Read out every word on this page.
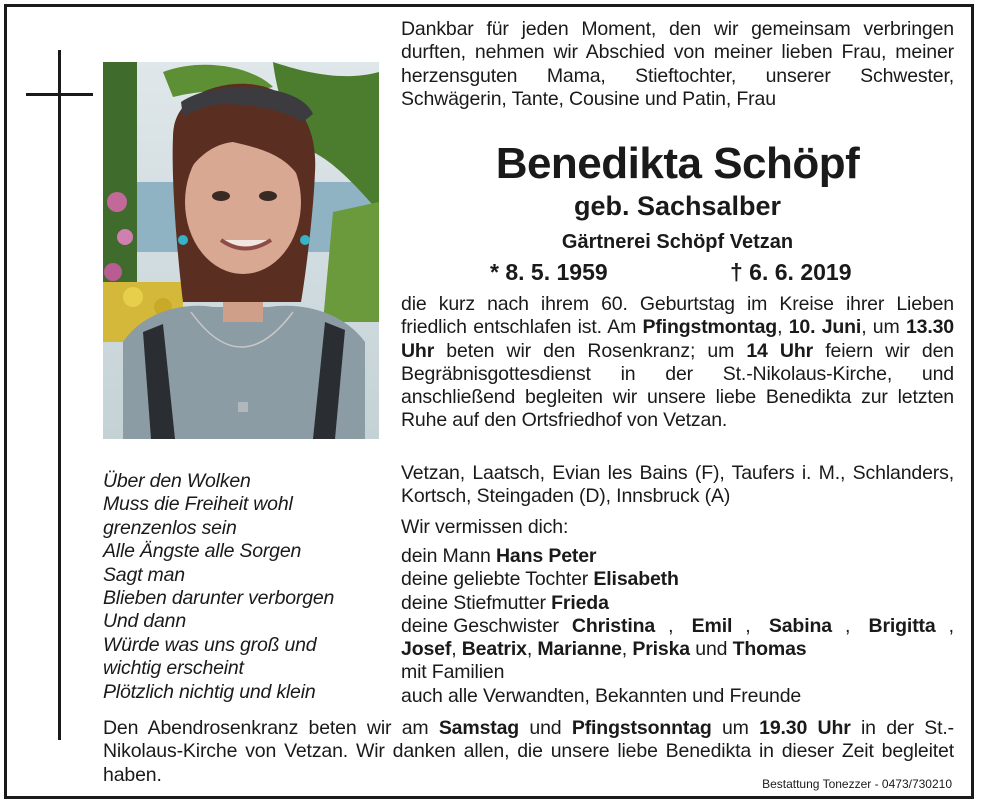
Über den Wolken
Muss die Freiheit wohl
grenzenlos sein
Alle Ängste alle Sorgen
Sagt man
Blieben darunter verborgen
Und dann
Würde was uns groß und
wichtig erscheint
Plötzlich nichtig und klein
Dankbar für jeden Moment, den wir gemeinsam verbringen durften, nehmen wir Abschied von meiner lieben Frau, meiner herzensguten Mama, Stieftochter, unserer Schwester, Schwägerin, Tante, Cousine und Patin, Frau
Benedikta Schöpf
geb. Sachsalber
Gärtnerei Schöpf Vetzan
* 8. 5. 1959	† 6. 6. 2019
die kurz nach ihrem 60. Geburtstag im Kreise ihrer Lieben friedlich entschlafen ist. Am Pfingstmontag, 10. Juni, um 13.30 Uhr beten wir den Rosenkranz; um 14 Uhr feiern wir den Begräbnisgottesdienst in der St.-Nikolaus-Kirche, und anschließend begleiten wir unsere liebe Benedikta zur letzten Ruhe auf den Ortsfriedhof von Vetzan.
Vetzan, Laatsch, Evian les Bains (F), Taufers i. M., Schlanders, Kortsch, Steingaden (D), Innsbruck (A)
Wir vermissen dich:
dein Mann Hans Peter
deine geliebte Tochter Elisabeth
deine Stiefmutter Frieda
deine Geschwister Christina , Emil , Sabina , Brigitta ,
Josef, Beatrix, Marianne, Priska und Thomas
mit Familien
auch alle Verwandten, Bekannten und Freunde
Den Abendrosenkranz beten wir am Samstag und Pfingstsonntag um 19.30 Uhr in der St.-Nikolaus-Kirche von Vetzan. Wir danken allen, die unsere liebe Benedikta in dieser Zeit begleitet haben.	Bestattung Tonezzer - 0473/730210
